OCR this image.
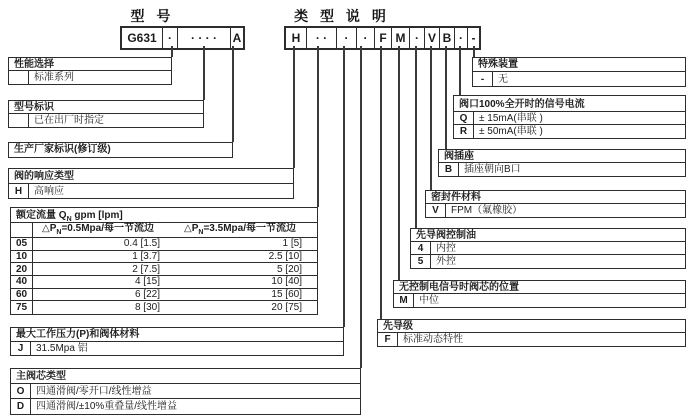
型 号	类 型 说 明
G631 ·	· · · ·	A	H	· ·	·	· F M · V B · -
性能选择
标准系列
型号标识
已在出厂时指定
生产厂家标识(修订级)
阀的响应类型
H	高响应
额定流量 $Q_N$ gpm [lpm]
$\triangle P_N=0.5Mpa/$每一节流边	$\triangle P_N=3.5Mpa/$每一节流边
05	0.4 [1.5]	1 [5]
10	1 [3.7]	2.5 [10]
20	2 [7.5]	5 [20]
40	4 [15]	10 [40]
60	6 [22]	15 [60]
75	8 [30]	20 [75]
最大工作压力(P)和阀体材料
J	31.5Mpa 铝
主阀芯类型
O	四通滑阀/零开口/线性增益
D	四通滑阀/±10%重叠量/线性增益
特殊装置
-	无
阀口100%全开时的信号电流
Q	± 15mA(串联 )
R	± 50mA(串联 )
阀插座
B	插座朝向B口
密封件材料
V	FPM（氟橡胶）
先导阀控制油
4	内控
5	外控
无控制电信号时阀芯的位置
M	中位
先导级
F	标准动态特性
